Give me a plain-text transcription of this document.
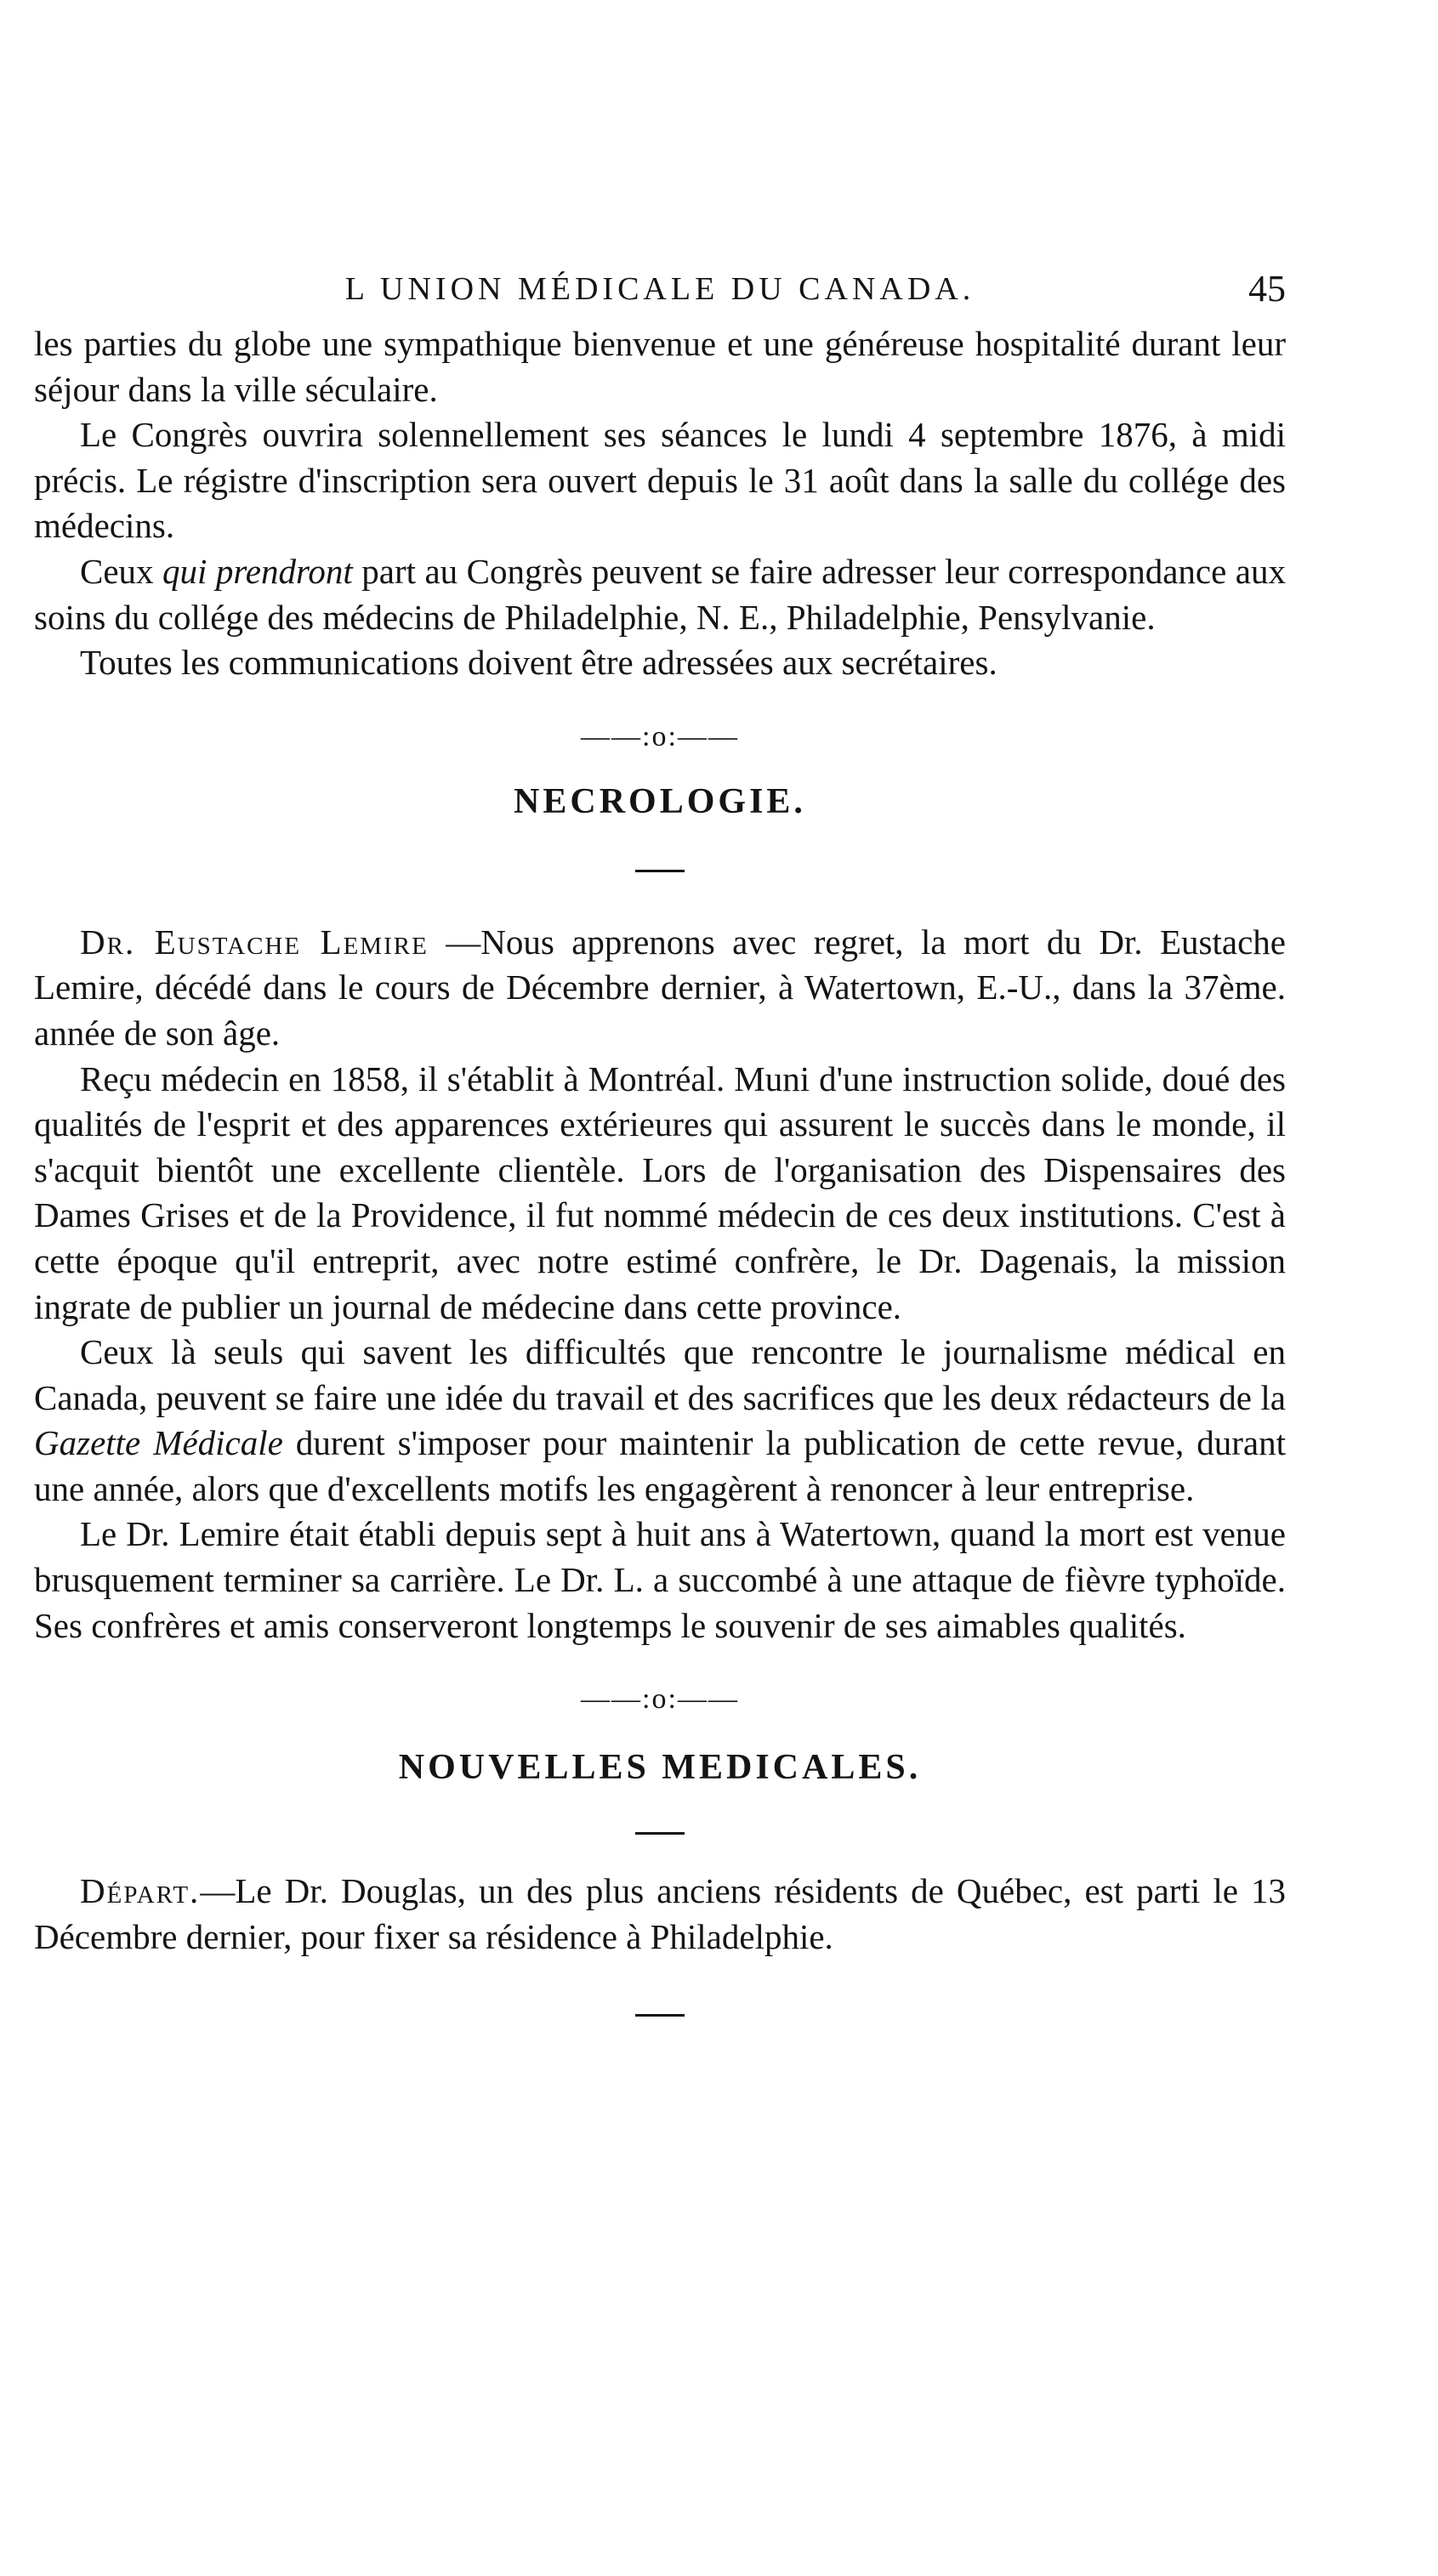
L UNION MÉDICALE DU CANADA.	45

les parties du globe une sympathique bienvenue et une généreuse hospitalité durant leur séjour dans la ville séculaire.

Le Congrès ouvrira solennellement ses séances le lundi 4 septembre 1876, à midi précis. Le régistre d'inscription sera ouvert depuis le 31 août dans la salle du collége des médecins.

Ceux qui prendront part au Congrès peuvent se faire adresser leur correspondance aux soins du collége des médecins de Philadelphie, N. E., Philadelphie, Pensylvanie.

Toutes les communications doivent être adressées aux secrétaires.

——:o:——
NECROLOGIE.

Dr. Eustache Lemire —Nous apprenons avec regret, la mort du Dr. Eustache Lemire, décédé dans le cours de Décembre dernier, à Watertown, E.-U., dans la 37ème. année de son âge.

Reçu médecin en 1858, il s'établit à Montréal. Muni d'une instruction solide, doué des qualités de l'esprit et des apparences extérieures qui assurent le succès dans le monde, il s'acquit bientôt une excellente clientèle. Lors de l'organisation des Dispensaires des Dames Grises et de la Providence, il fut nommé médecin de ces deux institutions. C'est à cette époque qu'il entreprit, avec notre estimé confrère, le Dr. Dagenais, la mission ingrate de publier un journal de médecine dans cette province.

Ceux là seuls qui savent les difficultés que rencontre le journalisme médical en Canada, peuvent se faire une idée du travail et des sacrifices que les deux rédacteurs de la Gazette Médicale durent s'imposer pour maintenir la publication de cette revue, durant une année, alors que d'excellents motifs les engagèrent à renoncer à leur entreprise.

Le Dr. Lemire était établi depuis sept à huit ans à Watertown, quand la mort est venue brusquement terminer sa carrière. Le Dr. L. a succombé à une attaque de fièvre typhoïde. Ses confrères et amis conserveront longtemps le souvenir de ses aimables qualités.

——:o:——
NOUVELLES MEDICALES.

Départ.—Le Dr. Douglas, un des plus anciens résidents de Québec, est parti le 13 Décembre dernier, pour fixer sa résidence à Philadelphie.
